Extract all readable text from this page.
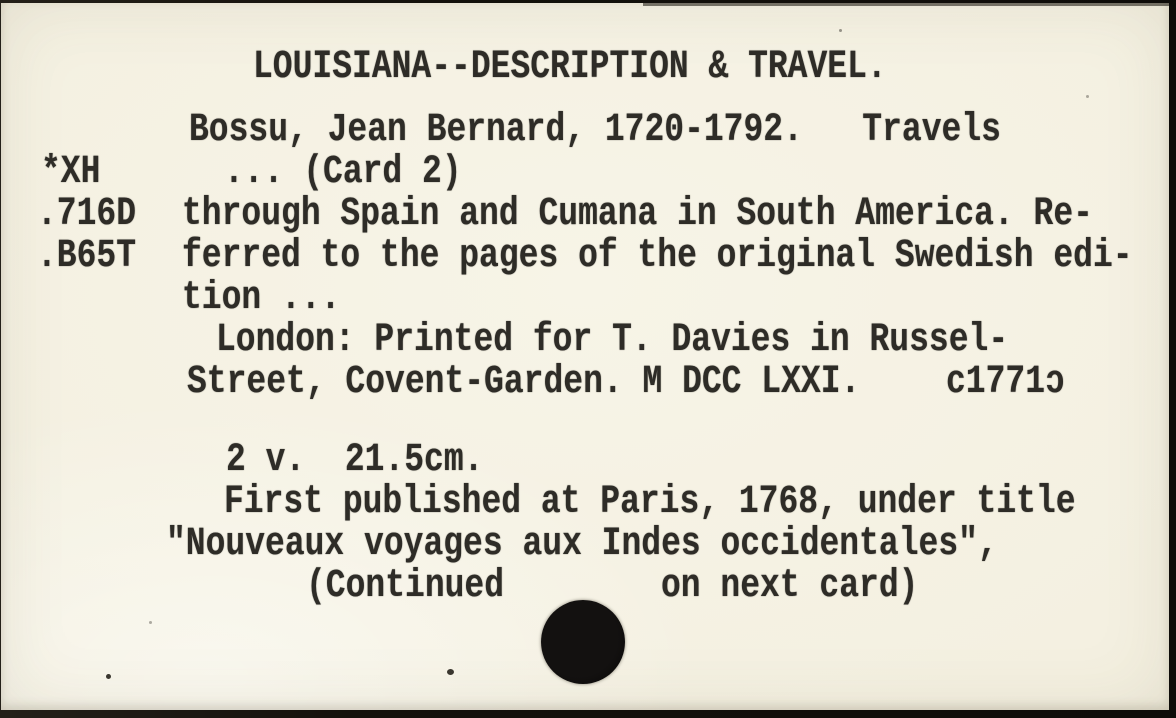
LOUISIANA--DESCRIPTION & TRAVEL.
Bossu, Jean Bernard, 1720-1792.   Travels
*XH	... (Card 2)
.716D through Spain and Cumana in South America. Re-
.B65T ferred to the pages of the original Swedish edi-
tion ...
London: Printed for T. Davies in Russel-
Street, Covent-Garden. M DCC LXXI.	c1771ɔ
2 v.  21.5cm.
First published at Paris, 1768, under title
"Nouveaux voyages aux Indes occidentales",
(Continued	on next card)
